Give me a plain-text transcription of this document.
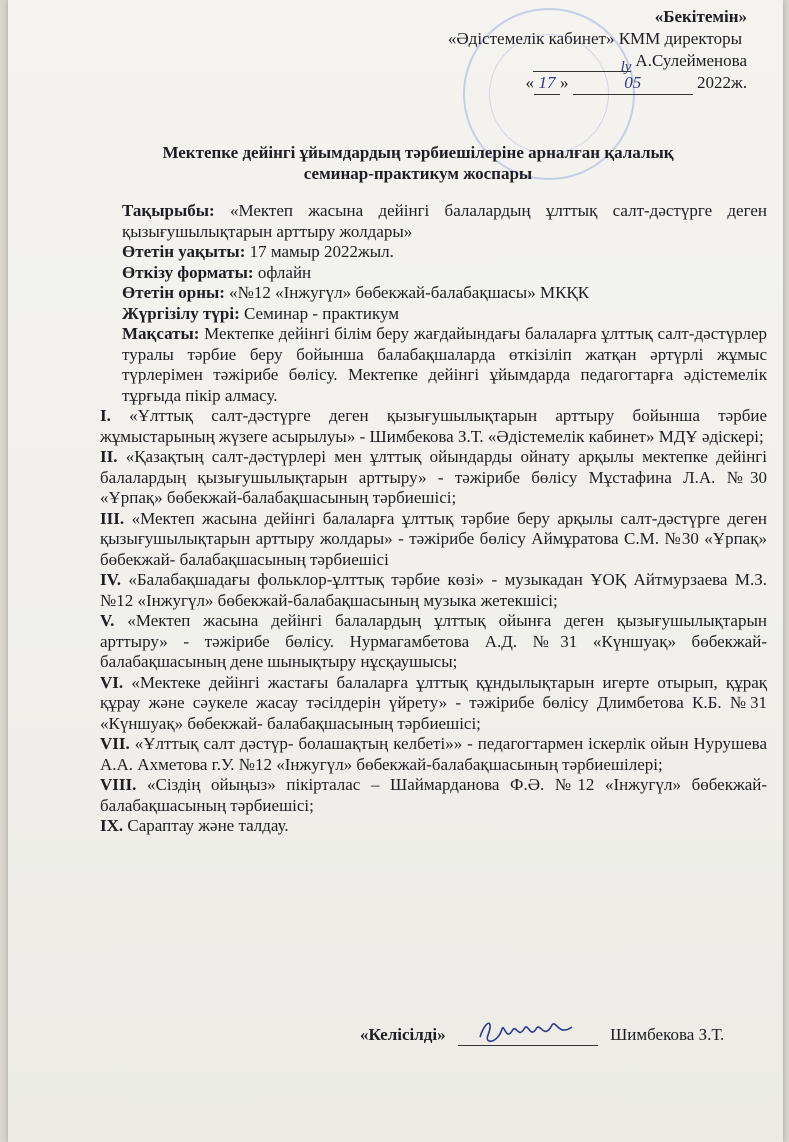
«Бекітемін»
«Әдістемелік кабинет» КММ директоры
ly А.Сулейменова
« 17 »	05	2022ж.
Мектепке дейінгі ұйымдардың тәрбиешілеріне арналған қалалық
семинар-практикум жоспары

Тақырыбы: «Мектеп жасына дейінгі балалардың ұлттық салт-дәстүрге деген қызығушылықтарын арттыру жолдары»

Өтетін уақыты: 17 мамыр 2022жыл.

Өткізу форматы: офлайн

Өтетін орны: «№12 «Інжугүл» бөбекжай-балабақшасы» МКҚК

Жүргізілу түрі: Семинар - практикум

Мақсаты: Мектепке дейінгі білім беру жағдайындағы балаларға ұлттық салт-дәстүрлер туралы тәрбие беру бойынша балабақшаларда өткізіліп жатқан әртүрлі жұмыс түрлерімен тәжірибе бөлісу. Мектепке дейінгі ұйымдарда педагогтарға әдістемелік тұрғыда пікір алмасу.

I. «Ұлттық салт-дәстүрге деген қызығушылықтарын арттыру бойынша тәрбие жұмыстарының жүзеге асырылуы» - Шимбекова З.Т. «Әдістемелік кабинет» МДҰ әдіскері;

II. «Қазақтың салт-дәстүрлері мен ұлттық ойындарды ойнату арқылы мектепке дейінгі балалардың қызығушылықтарын арттыру» - тәжірибе бөлісу Мұстафина Л.А. №30 «Ұрпақ» бөбекжай-балабақшасының тәрбиешісі;

III. «Мектеп жасына дейінгі балаларға ұлттық тәрбие беру арқылы салт-дәстүрге деген қызығушылықтарын арттыру жолдары» - тәжірибе бөлісу Аймұратова С.М. №30 «Ұрпақ» бөбекжай- балабақшасының тәрбиешісі

IV. «Балабақшадағы фольклор-ұлттық тәрбие көзі» - музыкадан ҰОҚ Айтмурзаева М.З. №12 «Інжугүл» бөбекжай-балабақшасының музыка жетекшісі;

V. «Мектеп жасына дейінгі балалардың ұлттық ойынға деген қызығушылықтарын арттыру» - тәжірибе бөлісу. Нурмагамбетова А.Д. №31 «Күншуақ» бөбекжай- балабақшасының дене шынықтыру нұсқаушысы;

VI. «Мектеке дейінгі жастағы балаларға ұлттық құндылықтарын игерте отырып, құрақ құрау және сәукеле жасау тәсілдерін үйрету» - тәжірибе бөлісу Длимбетова К.Б. №31 «Күншуақ» бөбекжай- балабақшасының тәрбиешісі;

VII. «Ұлттық салт дәстүр- болашақтың келбеті»» - педагогтармен іскерлік ойын Нурушева А.А. Ахметова г.У. №12 «Інжугүл» бөбекжай-балабақшасының тәрбиешілері;

VIII. «Сіздің ойыңыз» пікірталас – Шаймарданова Ф.Ә. №12 «Інжугүл» бөбекжай-балабақшасының тәрбиешісі;

IX. Сараптау және талдау.

«Келісілді»	Шимбекова З.Т.
